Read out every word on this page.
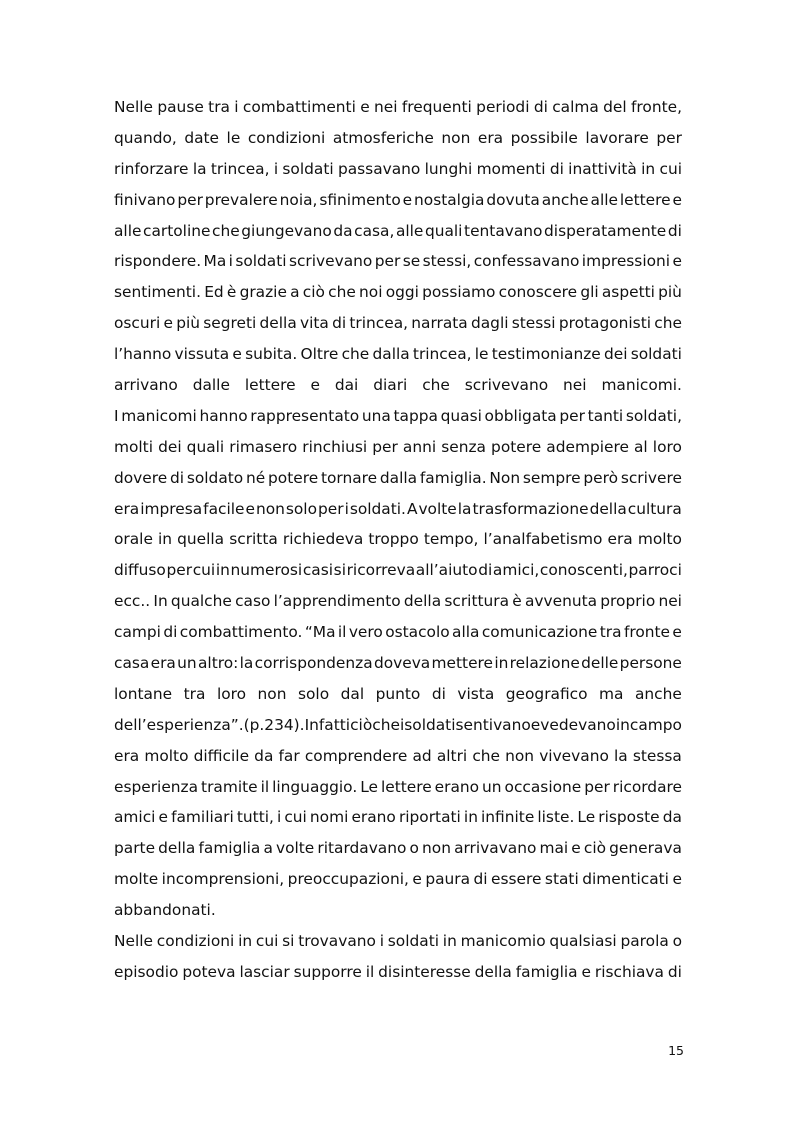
Nelle pause tra i combattimenti e nei frequenti periodi di calma del fronte,
quando, date le condizioni atmosferiche non era possibile lavorare per
rinforzare la trincea, i soldati passavano lunghi momenti di inattività in cui
finivano per prevalere noia, sfinimento e nostalgia dovuta anche alle lettere e
alle cartoline che giungevano da casa, alle quali tentavano disperatamente di
rispondere. Ma i soldati scrivevano per se stessi, confessavano impressioni e
sentimenti. Ed è grazie a ciò che noi oggi possiamo conoscere gli aspetti più
oscuri e più segreti della vita di trincea, narrata dagli stessi protagonisti che
l’hanno vissuta e subita. Oltre che dalla trincea, le testimonianze dei soldati
arrivano dalle lettere e dai diari che scrivevano nei manicomi.
I manicomi hanno rappresentato una tappa quasi obbligata per tanti soldati,
molti dei quali rimasero rinchiusi per anni senza potere adempiere al loro
dovere di soldato né potere tornare dalla famiglia. Non sempre però scrivere
era impresa facile e non solo per i soldati. A volte la trasformazione della cultura
orale in quella scritta richiedeva troppo tempo, l’analfabetismo era molto
diffuso per cui in numerosi casi si ricorreva all’aiuto di amici, conoscenti, parroci
ecc.. In qualche caso l’apprendimento della scrittura è avvenuta proprio nei
campi di combattimento. “Ma il vero ostacolo alla comunicazione tra fronte e
casa era un altro: la corrispondenza doveva mettere in relazione delle persone
lontane tra loro non solo dal punto di vista geografico ma anche
dell’esperienza”.(p.234). Infatti ciò che i soldati sentivano e vedevano in campo
era molto difficile da far comprendere ad altri che non vivevano la stessa
esperienza tramite il linguaggio. Le lettere erano un occasione per ricordare
amici e familiari tutti, i cui nomi erano riportati in infinite liste. Le risposte da
parte della famiglia a volte ritardavano o non arrivavano mai e ciò generava
molte incomprensioni, preoccupazioni, e paura di essere stati dimenticati e
abbandonati.
Nelle condizioni in cui si trovavano i soldati in manicomio qualsiasi parola o
episodio poteva lasciar supporre il disinteresse della famiglia e rischiava di
15
